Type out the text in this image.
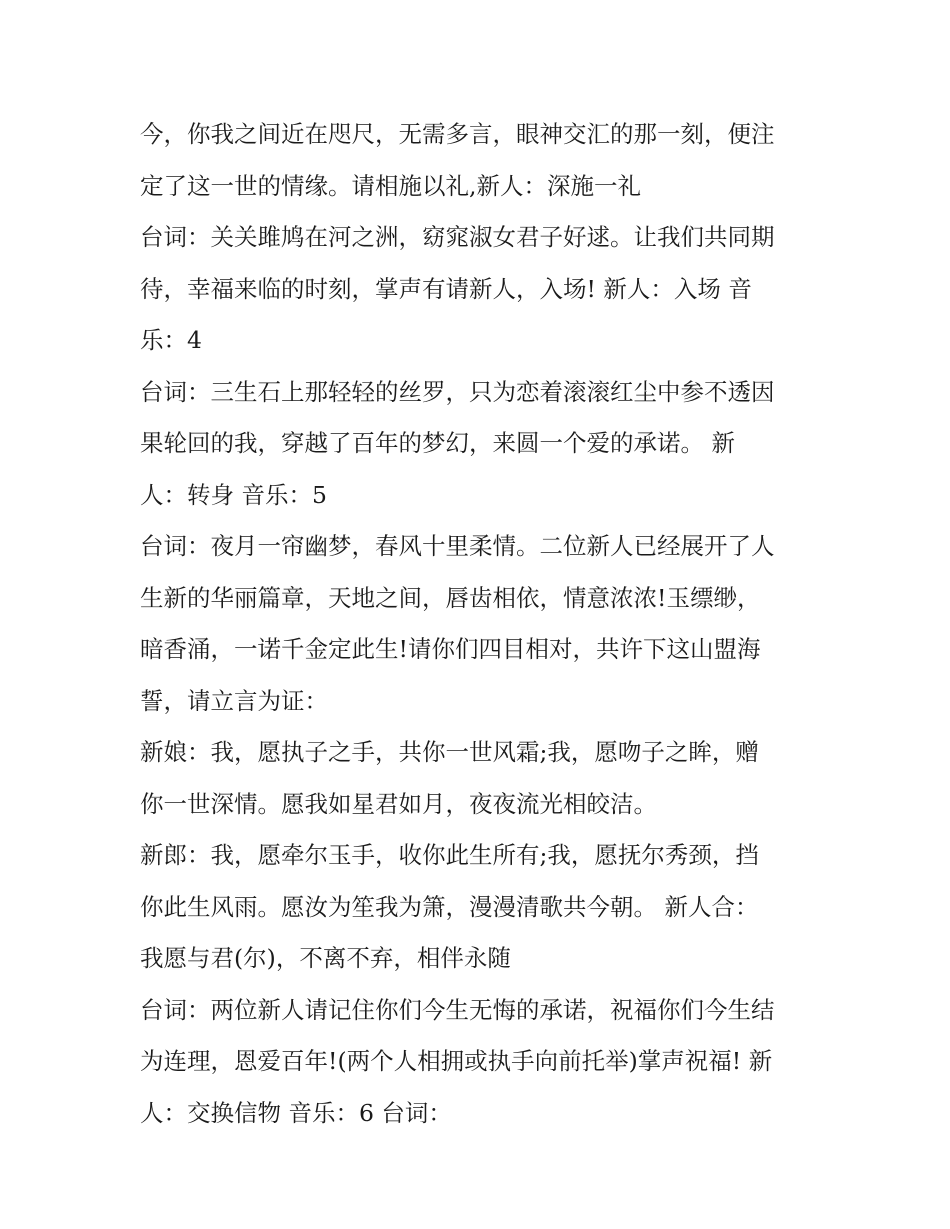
今，你我之间近在咫尺，无需多言，眼神交汇的那一刻，便注
定了这一世的情缘。请相施以礼,新人：深施一礼
台词：关关雎鸠在河之洲，窈窕淑女君子好逑。让我们共同期
待，幸福来临的时刻，掌声有请新人，入场! 新人：入场 音
乐：4
台词：三生石上那轻轻的丝罗，只为恋着滚滚红尘中参不透因
果轮回的我，穿越了百年的梦幻，来圆一个爱的承诺。 新
人：转身 音乐：5
台词：夜月一帘幽梦，春风十里柔情。二位新人已经展开了人
生新的华丽篇章，天地之间，唇齿相依，情意浓浓!玉缥缈，
暗香涌，一诺千金定此生!请你们四目相对，共许下这山盟海
誓，请立言为证：
新娘：我，愿执子之手，共你一世风霜;我，愿吻子之眸，赠
你一世深情。愿我如星君如月，夜夜流光相皎洁。
新郎：我，愿牵尔玉手，收你此生所有;我，愿抚尔秀颈，挡
你此生风雨。愿汝为笙我为箫，漫漫清歌共今朝。 新人合：
我愿与君(尔)，不离不弃，相伴永随
台词：两位新人请记住你们今生无悔的承诺，祝福你们今生结
为连理，恩爱百年!(两个人相拥或执手向前托举)掌声祝福! 新
人：交换信物 音乐：6 台词：
